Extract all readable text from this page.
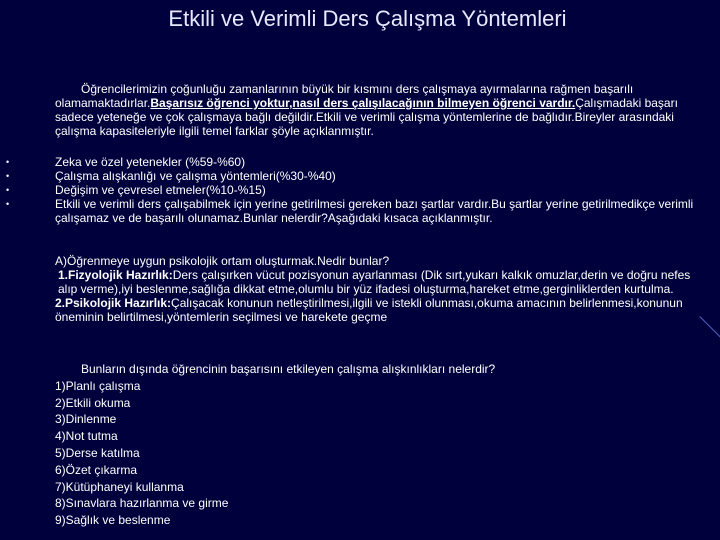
Etkili ve Verimli Ders Çalışma Yöntemleri

Öğrencilerimizin çoğunluğu zamanlarının büyük bir kısmını ders çalışmaya ayırmalarına rağmen başarılı olamamaktadırlar.Başarısız öğrenci yoktur,nasıl ders çalışılacağının bilmeyen öğrenci vardır.Çalışmadaki başarı sadece yeteneğe ve çok çalışmaya bağlı değildir.Etkili ve verimli çalışma yöntemlerine de bağlıdır.Bireyler arasındaki çalışma kapasiteleriyle ilgili temel farklar şöyle açıklanmıştır.

•	Zeka ve özel yetenekler (%59-%60)
•	Çalışma alışkanlığı ve çalışma yöntemleri(%30-%40)
•	Değişim ve çevresel etmeler(%10-%15)
•	Etkili ve verimli ders çalışabilmek için yerine getirilmesi gereken bazı şartlar vardır.Bu şartlar yerine getirilmedikçe verimli çalışamaz ve de başarılı olunamaz.Bunlar nelerdir?Aşağıdaki kısaca açıklanmıştır.

A)Öğrenmeye uygun psikolojik ortam oluşturmak.Nedir bunlar?

1.Fizyolojik Hazırlık:Ders çalışırken vücut pozisyonun ayarlanması (Dik sırt,yukarı kalkık omuzlar,derin ve doğru nefes alıp verme),iyi beslenme,sağlığa dikkat etme,olumlu bir yüz ifadesi oluşturma,hareket etme,gerginliklerden kurtulma.

2.Psikolojik Hazırlık:Çalışacak konunun netleştirilmesi,ilgili ve istekli olunması,okuma amacının belirlenmesi,konunun öneminin belirtilmesi,yöntemlerin seçilmesi ve harekete geçme

Bunların dışında öğrencinin başarısını etkileyen çalışma alışkınlıkları nelerdir?

1)Planlı çalışma
2)Etkili okuma
3)Dinlenme
4)Not tutma
5)Derse katılma
6)Özet çıkarma
7)Kütüphaneyi kullanma
8)Sınavlara hazırlanma ve girme
9)Sağlık ve beslenme
